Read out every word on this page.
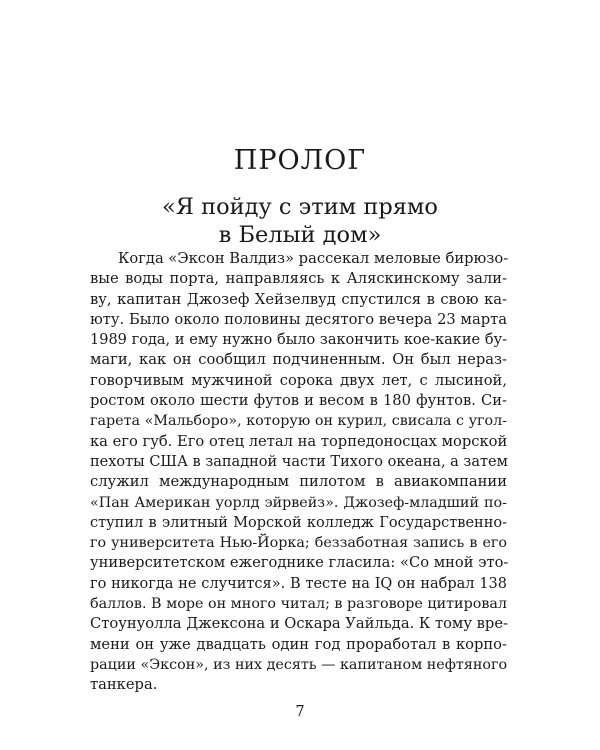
ПРОЛОГ
«Я пойду с этим прямо
в Белый дом»
Когда «Эксон Валдиз» рассекал меловые бирюзо-
вые воды порта, направляясь к Аляскинскому зали-
ву, капитан Джозеф Хейзелвуд спустился в свою ка-
юту. Было около половины десятого вечера 23 марта
1989 года, и ему нужно было закончить кое-какие бу-
маги, как он сообщил подчиненным. Он был нераз-
говорчивым мужчиной сорока двух лет, с лысиной,
ростом около шести футов и весом в 180 фунтов. Си-
гарета «Мальборо», которую он курил, свисала с угол-
ка его губ. Его отец летал на торпедоносцах морской
пехоты США в западной части Тихого океана, а затем
служил международным пилотом в авиакомпании
«Пан Американ уорлд эйрвейз». Джозеф-младший по-
ступил в элитный Морской колледж Государственно-
го университета Нью-Йорка; беззаботная запись в его
университетском ежегоднике гласила: «Со мной это-
го никогда не случится». В тесте на IQ он набрал 138
баллов. В море он много читал; в разговоре цитировал
Стоунуолла Джексона и Оскара Уайльда. К тому вре-
мени он уже двадцать один год проработал в корпо-
рации «Эксон», из них десять — капитаном нефтяного
танкера.
7
